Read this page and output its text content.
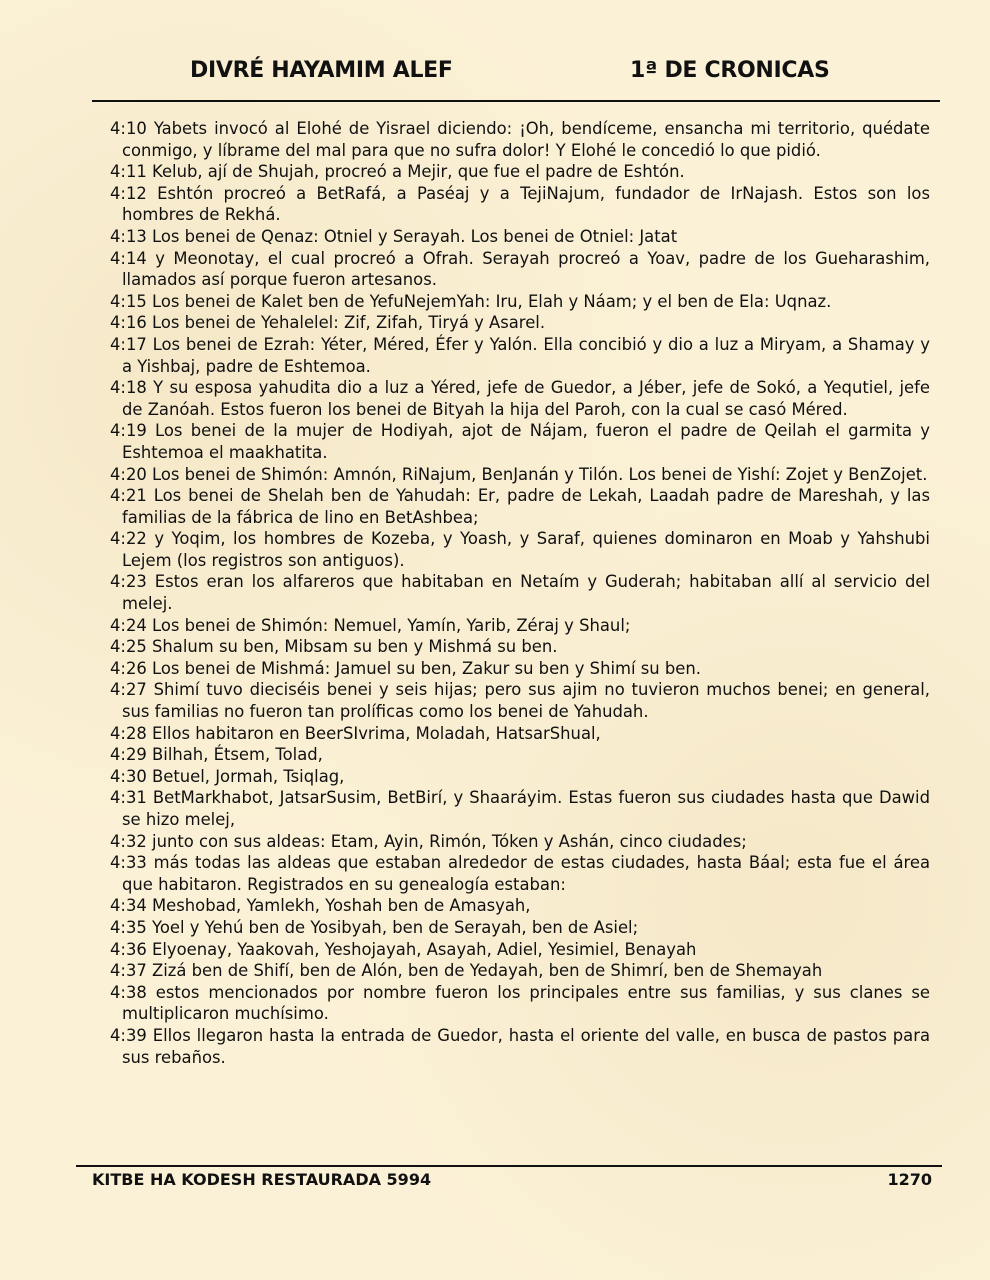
DIVRÉ HAYAMIM ALEF	1ª DE CRONICAS

4:10 Yabets invocó al Elohé de Yisrael diciendo: ¡Oh, bendíceme, ensancha mi territorio, quédate conmigo, y líbrame del mal para que no sufra dolor! Y Elohé le concedió lo que pidió.

4:11 Kelub, ají de Shujah, procreó a Mejir, que fue el padre de Eshtón.

4:12 Eshtón procreó a BetRafá, a Paséaj y a TejiNajum, fundador de IrNajash. Estos son los hombres de Rekhá.

4:13 Los benei de Qenaz: Otniel y Serayah. Los benei de Otniel: Jatat

4:14 y Meonotay, el cual procreó a Ofrah. Serayah procreó a Yoav, padre de los Gueharashim, llamados así porque fueron artesanos.

4:15 Los benei de Kalet ben de YefuNejemYah: Iru, Elah y Náam; y el ben de Ela: Uqnaz.

4:16 Los benei de Yehalelel: Zif, Zifah, Tiryá y Asarel.

4:17 Los benei de Ezrah: Yéter, Méred, Éfer y Yalón. Ella concibió y dio a luz a Miryam, a Shamay y a Yishbaj, padre de Eshtemoa.

4:18 Y su esposa yahudita dio a luz a Yéred, jefe de Guedor, a Jéber, jefe de Sokó, a Yequtiel, jefe de Zanóah. Estos fueron los benei de Bityah la hija del Paroh, con la cual se casó Méred.

4:19 Los benei de la mujer de Hodiyah, ajot de Nájam, fueron el padre de Qeilah el garmita y Eshtemoa el maakhatita.

4:20 Los benei de Shimón: Amnón, RiNajum, BenJanán y Tilón. Los benei de Yishí: Zojet y BenZojet.

4:21 Los benei de Shelah ben de Yahudah: Er, padre de Lekah, Laadah padre de Mareshah, y las familias de la fábrica de lino en BetAshbea;

4:22 y Yoqim, los hombres de Kozeba, y Yoash, y Saraf, quienes dominaron en Moab y Yahshubi Lejem (los registros son antiguos).

4:23 Estos eran los alfareros que habitaban en Netaím y Guderah; habitaban allí al servicio del melej.

4:24 Los benei de Shimón: Nemuel, Yamín, Yarib, Zéraj y Shaul;

4:25 Shalum su ben, Mibsam su ben y Mishmá su ben.

4:26 Los benei de Mishmá: Jamuel su ben, Zakur su ben y Shimí su ben.

4:27 Shimí tuvo dieciséis benei y seis hijas; pero sus ajim no tuvieron muchos benei; en general, sus familias no fueron tan prolíficas como los benei de Yahudah.

4:28 Ellos habitaron en BeerSIvrima, Moladah, HatsarShual,

4:29 Bilhah, Étsem, Tolad,

4:30 Betuel, Jormah, Tsiqlag,

4:31 BetMarkhabot, JatsarSusim, BetBirí, y Shaaráyim. Estas fueron sus ciudades hasta que Dawid se hizo melej,

4:32 junto con sus aldeas: Etam, Ayin, Rimón, Tóken y Ashán, cinco ciudades;

4:33 más todas las aldeas que estaban alrededor de estas ciudades, hasta Báal; esta fue el área que habitaron. Registrados en su genealogía estaban:

4:34 Meshobad, Yamlekh, Yoshah ben de Amasyah,

4:35 Yoel y Yehú ben de Yosibyah, ben de Serayah, ben de Asiel;

4:36 Elyoenay, Yaakovah, Yeshojayah, Asayah, Adiel, Yesimiel, Benayah

4:37 Zizá ben de Shifí, ben de Alón, ben de Yedayah, ben de Shimrí, ben de Shemayah

4:38 estos mencionados por nombre fueron los principales entre sus familias, y sus clanes se multiplicaron muchísimo.

4:39 Ellos llegaron hasta la entrada de Guedor, hasta el oriente del valle, en busca de pastos para sus rebaños.

KITBE HA KODESH RESTAURADA 5994	1270
